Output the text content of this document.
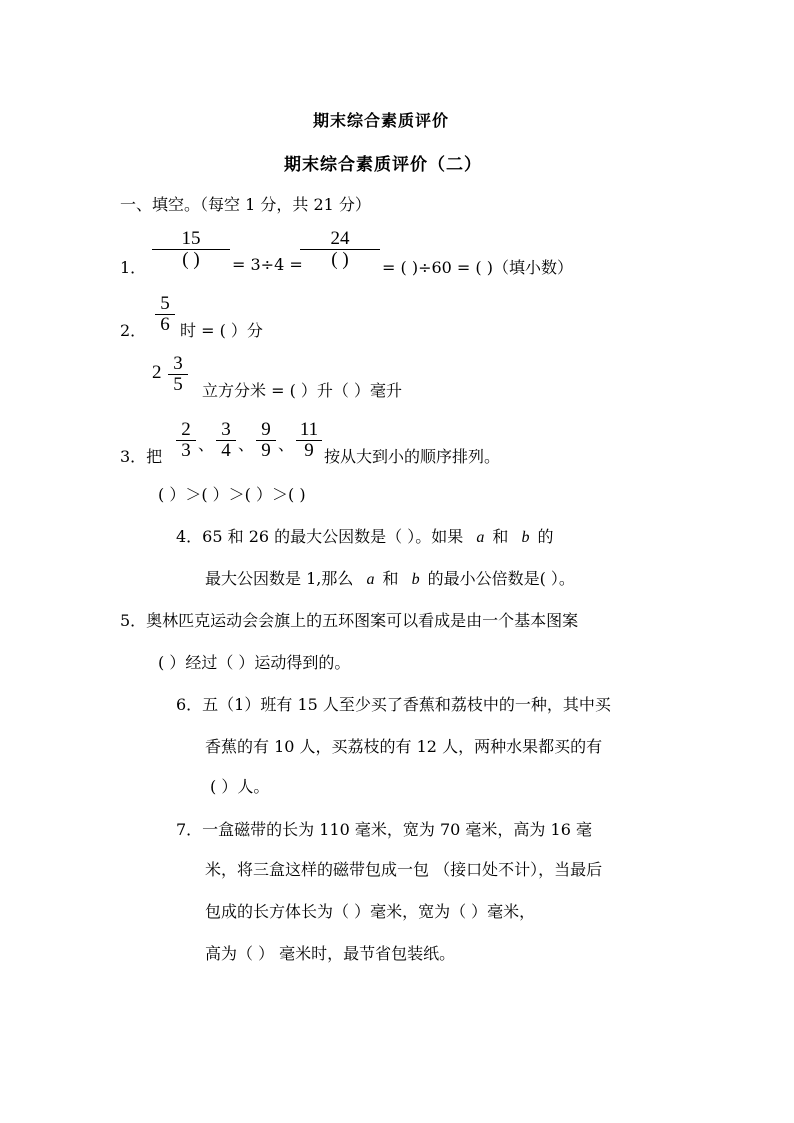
期末综合素质评价
期末综合素质评价（二）
一、填空。（每空 1 分，共 21 分）
1．
15
( )	= 3÷4 =
24
( )	= ( )÷60 = ( )（填小数）
2．
5
6 时 = ( ）分
2 3
5	立方分米 = ( ）升（ ）毫升
3．把
2
3 、
3
4 、
9
9 、
11
9 按从大到小的顺序排列。
( ）＞( ）＞( ）＞( )
4．65 和 26 的最大公因数是（ ）。如果 a 和 b 的
最大公因数是 1,那么 a 和 b 的最小公倍数是( ）。
5．奥林匹克运动会会旗上的五环图案可以看成是由一个基本图案
( ）经过（ ）运动得到的。
6．五（1）班有 15 人至少买了香蕉和荔枝中的一种，其中买
香蕉的有 10 人，买荔枝的有 12 人，两种水果都买的有
( ）人。
7．一盒磁带的长为 110 毫米，宽为 70 毫米，高为 16 毫
米，将三盒这样的磁带包成一包 （接口处不计），当最后
包成的长方体长为（ ）毫米，宽为（ ）毫米，
高为（ ） 毫米时，最节省包装纸。
